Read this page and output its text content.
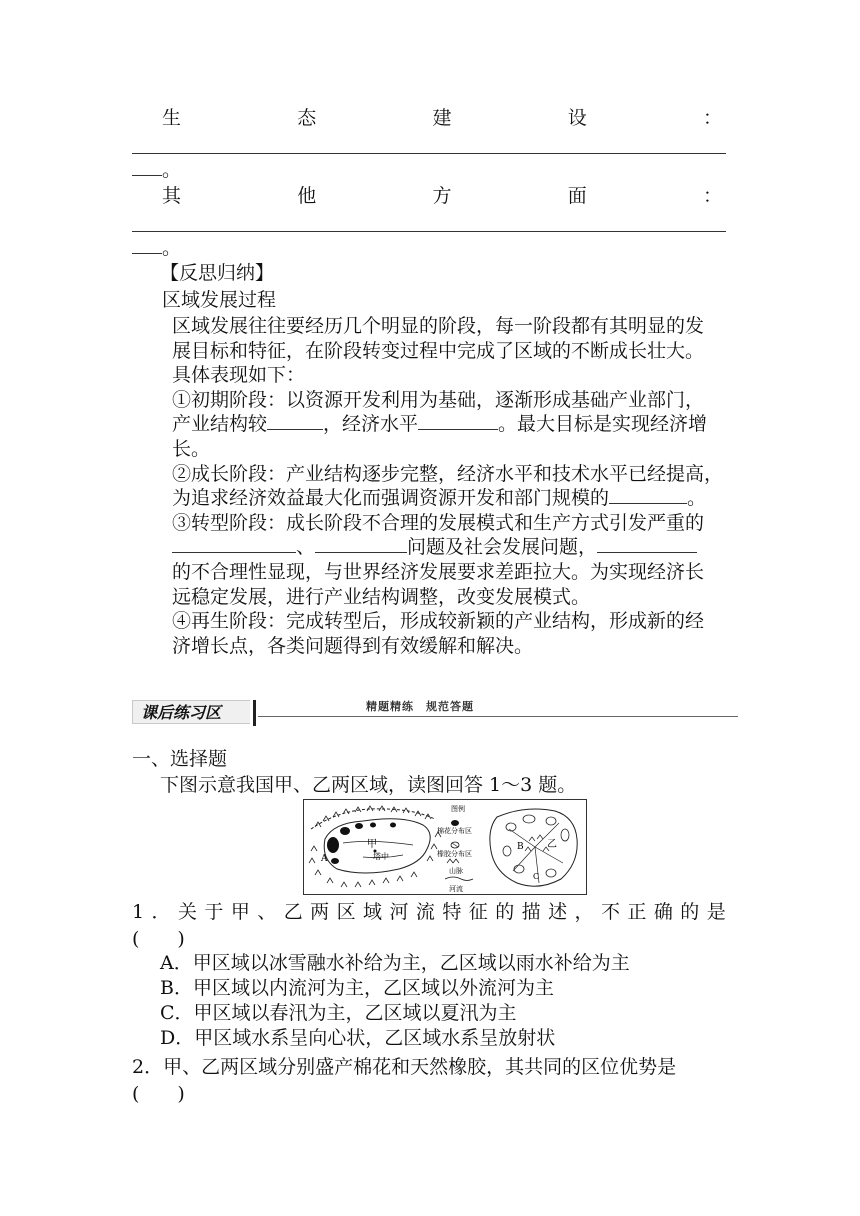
生	态	建	设	：
。
其	他	方	面	：
。
【反思归纳】
区域发展过程
区域发展往往要经历几个明显的阶段，每一阶段都有其明显的发
展目标和特征，在阶段转变过程中完成了区域的不断成长壮大。
具体表现如下：
①初期阶段：以资源开发利用为基础，逐渐形成基础产业部门，
产业结构较	，经济水平	。最大目标是实现经济增
长。
②成长阶段：产业结构逐步完整，经济水平和技术水平已经提高，
为追求经济效益最大化而强调资源开发和部门规模的	。
③转型阶段：成长阶段不合理的发展模式和生产方式引发严重的
、	问题及社会发展问题，
的不合理性显现，与世界经济发展要求差距拉大。为实现经济长
远稳定发展，进行产业结构调整，改变发展模式。
④再生阶段：完成转型后，形成较新颖的产业结构，形成新的经
济增长点，各类问题得到有效缓解和解决。
课后练习区	精题精练　规范答题
一、选择题
下图示意我国甲、乙两区域，读图回答 1～3 题。
甲
塔中
A
图例
棉花分布区
橡胶分布区
山脉
河流
B 乙
C
1 ． 关 于 甲 、 乙 两 区 域 河 流 特 征 的 描 述 ， 不 正 确 的 是
(　　)
A．甲区域以冰雪融水补给为主，乙区域以雨水补给为主
B．甲区域以内流河为主，乙区域以外流河为主
C．甲区域以春汛为主，乙区域以夏汛为主
D．甲区域水系呈向心状，乙区域水系呈放射状
2．甲、乙两区域分别盛产棉花和天然橡胶，其共同的区位优势是
(　　)
